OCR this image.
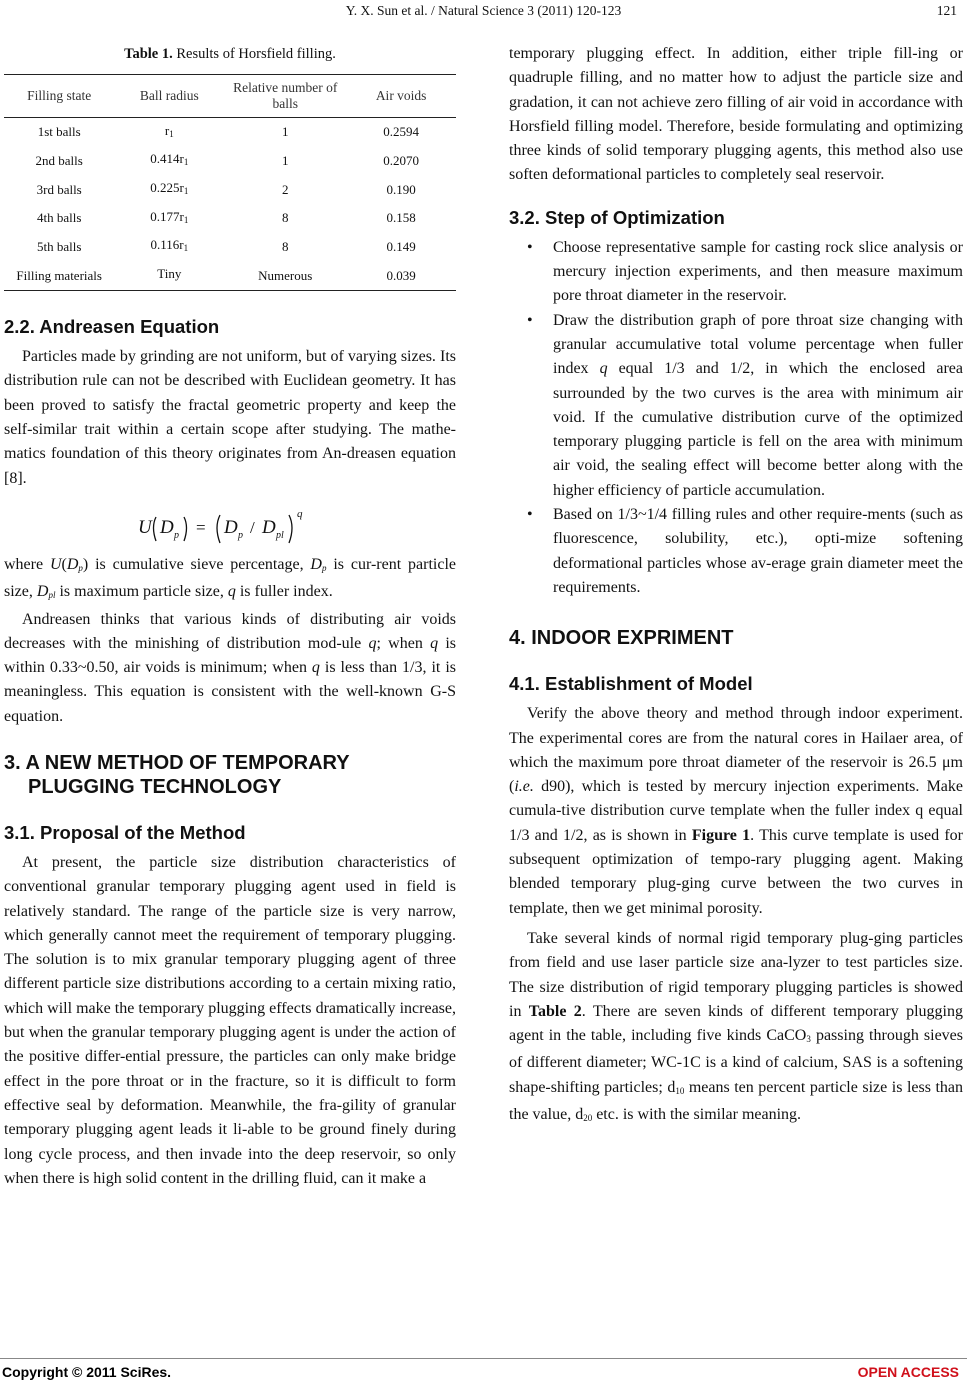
Y. X. Sun et al. / Natural Science 3 (2011) 120-123	121
Table 1. Results of Horsfield filling.
Filling state	Ball radius	Relative number of balls	Air voids
1st balls	$r_1$	1	0.2594
2nd balls	$0.414r_1$	1	0.2070
3rd balls	$0.225r_1$	2	0.190
4th balls	$0.177r_1$	8	0.158
5th balls	$0.116r_1$	8	0.149
Filling materials	Tiny	Numerous	0.039
2.2. Andreasen Equation

Particles made by grinding are not uniform, but of varying sizes. Its distribution rule can not be described with Euclidean geometry. It has been proved to satisfy the fractal geometric property and keep the self-similar trait within a certain scope after studying. The mathe-matics foundation of this theory originates from An-dreasen equation [8].

U D p = D p / D pl
q

where $U(D_p)$ is cumulative sieve percentage, $D_p$ is cur-rent particle size, $D_{pl}$ is maximum particle size, q is fuller index.

Andreasen thinks that various kinds of distributing air voids decreases with the minishing of distribution mod-ule q; when q is within 0.33~0.50, air voids is minimum; when q is less than 1/3, it is meaningless. This equation is consistent with the well-known G-S equation.

3. A NEW METHOD OF TEMPORARY
PLUGGING TECHNOLOGY
3.1. Proposal of the Method

At present, the particle size distribution characteristics of conventional granular temporary plugging agent used in field is relatively standard. The range of the particle size is very narrow, which generally cannot meet the requirement of temporary plugging. The solution is to mix granular temporary plugging agent of three different particle size distributions according to a certain mixing ratio, which will make the temporary plugging effects dramatically increase, but when the granular temporary plugging agent is under the action of the positive differ-ential pressure, the particles can only make bridge effect in the pore throat or in the fracture, so it is difficult to form effective seal by deformation. Meanwhile, the fra-gility of granular temporary plugging agent leads it li-able to be ground finely during long cycle process, and then invade into the deep reservoir, so only when there is high solid content in the drilling fluid, can it make a

temporary plugging effect. In addition, either triple fill-ing or quadruple filling, and no matter how to adjust the particle size and gradation, it can not achieve zero filling of air void in accordance with Horsfield filling model. Therefore, beside formulating and optimizing three kinds of solid temporary plugging agents, this method also use soften deformational particles to completely seal reservoir.

3.2. Step of Optimization
• Choose representative sample for casting rock slice analysis or mercury injection experiments, and then measure maximum pore throat diameter in the reservoir.
• Draw the distribution graph of pore throat size changing with granular accumulative total volume percentage when fuller index q equal 1/3 and 1/2, in which the enclosed area surrounded by the two curves is the area with minimum air void. If the cumulative distribution curve of the optimized temporary plugging particle is fell on the area with minimum air void, the sealing effect will become better along with the higher efficiency of particle accumulation.
• Based on 1/3~1/4 filling rules and other require-ments (such as fluorescence, solubility, etc.), opti-mize softening deformational particles whose av-erage grain diameter meet the requirements.
4. INDOOR EXPRIMENT
4.1. Establishment of Model

Verify the above theory and method through indoor experiment. The experimental cores are from the natural cores in Hailaer area, of which the maximum pore throat diameter of the reservoir is 26.5 μm (i.e. d90), which is tested by mercury injection experiments. Make cumula-tive distribution curve template when the fuller index q equal 1/3 and 1/2, as is shown in Figure 1. This curve template is used for subsequent optimization of tempo-rary plugging agent. Making blended temporary plug-ging curve between the two curves in template, then we get minimal porosity.

Take several kinds of normal rigid temporary plug-ging particles from field and use laser particle size ana-lyzer to test particles size. The size distribution of rigid temporary plugging particles is showed in Table 2. There are seven kinds of different temporary plugging agent in the table, including five kinds CaCO$_3$ passing through sieves of different diameter; WC-1C is a kind of calcium, SAS is a softening shape-shifting particles; $d_{10}$ means ten percent particle size is less than the value, $d_{20}$ etc. is with the similar meaning.

Copyright © 2011 SciRes.	OPEN ACCESS
